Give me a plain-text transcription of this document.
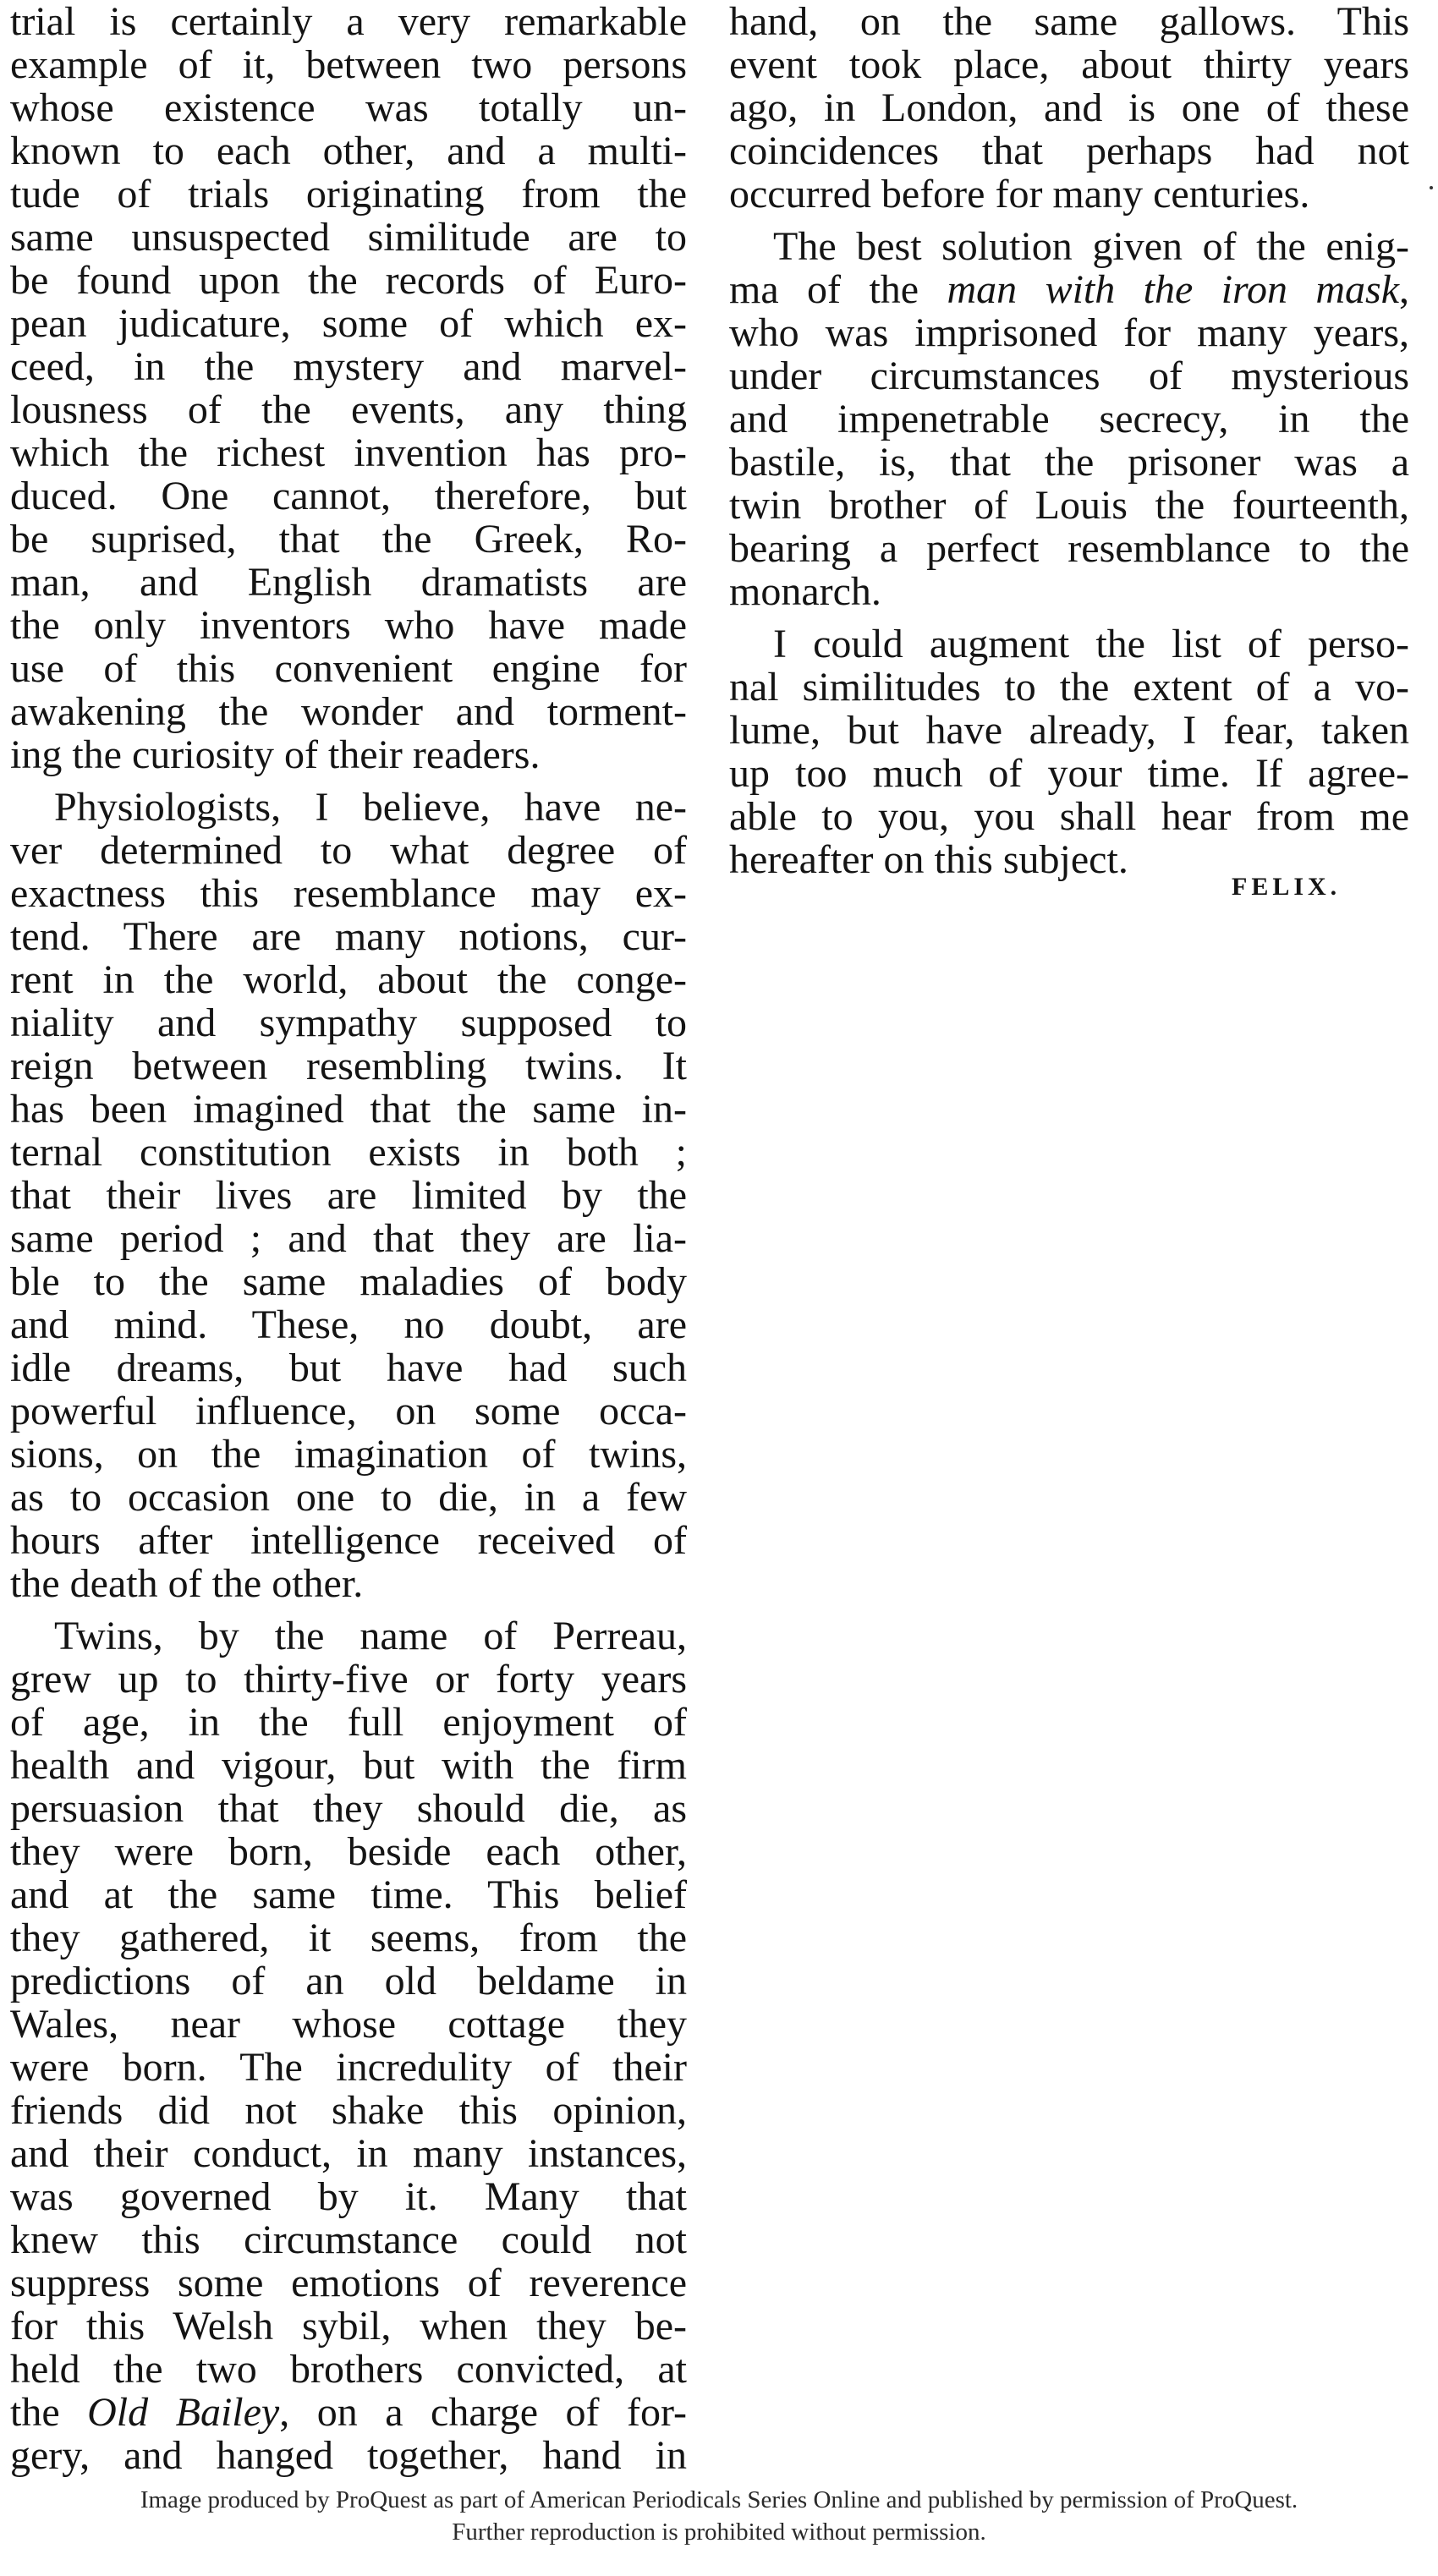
trial is certainly a very remarkable
example of it, between two persons
whose existence was totally un-
known to each other, and a multi-
tude of trials originating from the
same unsuspected similitude are to
be found upon the records of Euro-
pean judicature, some of which ex-
ceed, in the mystery and marvel-
lousness of the events, any thing
which the richest invention has pro-
duced. One cannot, therefore, but
be suprised, that the Greek, Ro-
man, and English dramatists are
the only inventors who have made
use of this convenient engine for
awakening the wonder and torment-
ing the curiosity of their readers.
Physiologists, I believe, have ne-
ver determined to what degree of
exactness this resemblance may ex-
tend. There are many notions, cur-
rent in the world, about the conge-
niality and sympathy supposed to
reign between resembling twins. It
has been imagined that the same in-
ternal constitution exists in both ;
that their lives are limited by the
same period ; and that they are lia-
ble to the same maladies of body
and mind. These, no doubt, are
idle dreams, but have had such
powerful influence, on some occa-
sions, on the imagination of twins,
as to occasion one to die, in a few
hours after intelligence received of
the death of the other.
Twins, by the name of Perreau,
grew up to thirty-five or forty years
of age, in the full enjoyment of
health and vigour, but with the firm
persuasion that they should die, as
they were born, beside each other,
and at the same time. This belief
they gathered, it seems, from the
predictions of an old beldame in
Wales, near whose cottage they
were born. The incredulity of their
friends did not shake this opinion,
and their conduct, in many instances,
was governed by it. Many that
knew this circumstance could not
suppress some emotions of reverence
for this Welsh sybil, when they be-
held the two brothers convicted, at
the Old Bailey, on a charge of for-
gery, and hanged together, hand in
hand, on the same gallows. This
event took place, about thirty years
ago, in London, and is one of these
coincidences that perhaps had not
occurred before for many centuries.
The best solution given of the enig-
ma of the man with the iron mask,
who was imprisoned for many years,
under circumstances of mysterious
and impenetrable secrecy, in the
bastile, is, that the prisoner was a
twin brother of Louis the fourteenth,
bearing a perfect resemblance to the
monarch.
I could augment the list of perso-
nal similitudes to the extent of a vo-
lume, but have already, I fear, taken
up too much of your time. If agree-
able to you, you shall hear from me
hereafter on this subject.
FELIX.
Image produced by ProQuest as part of American Periodicals Series Online and published by permission of ProQuest.
Further reproduction is prohibited without permission.
